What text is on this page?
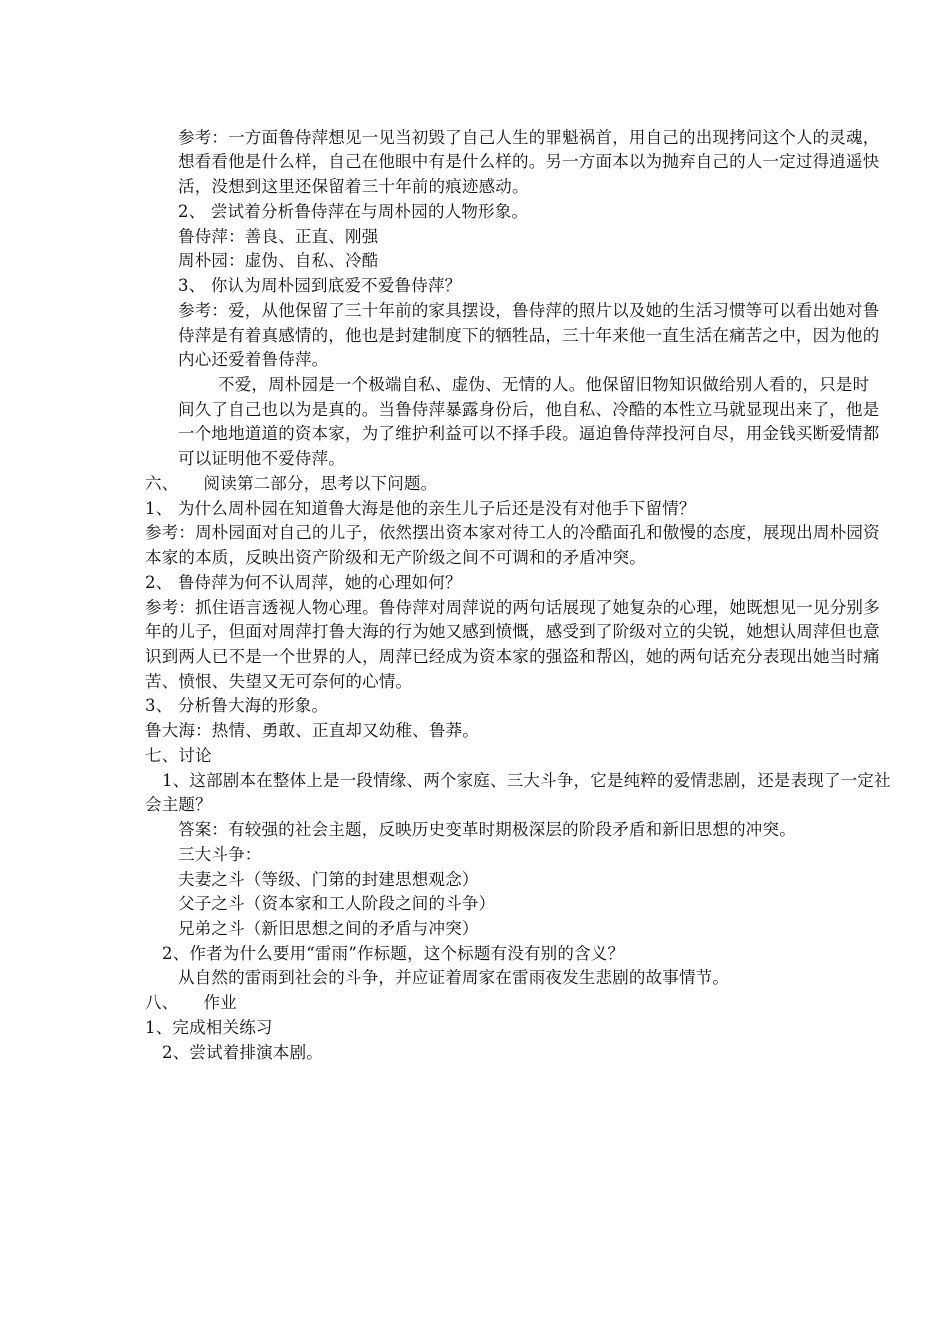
参考：一方面鲁侍萍想见一见当初毁了自己人生的罪魁祸首，用自己的出现拷问这个人的灵魂，
想看看他是什么样，自己在他眼中有是什么样的。另一方面本以为抛弃自己的人一定过得逍遥快
活，没想到这里还保留着三十年前的痕迹感动。
2、 尝试着分析鲁侍萍在与周朴园的人物形象。
鲁侍萍：善良、正直、刚强
周朴园：虚伪、自私、冷酷
3、 你认为周朴园到底爱不爱鲁侍萍？
参考：爱，从他保留了三十年前的家具摆设，鲁侍萍的照片以及她的生活习惯等可以看出她对鲁
侍萍是有着真感情的，他也是封建制度下的牺牲品，三十年来他一直生活在痛苦之中，因为他的
内心还爱着鲁侍萍。
不爱，周朴园是一个极端自私、虚伪、无情的人。他保留旧物知识做给别人看的，只是时
间久了自己也以为是真的。当鲁侍萍暴露身份后，他自私、冷酷的本性立马就显现出来了，他是
一个地地道道的资本家，为了维护利益可以不择手段。逼迫鲁侍萍投河自尽，用金钱买断爱情都
可以证明他不爱侍萍。
六、　　阅读第二部分，思考以下问题。
1、 为什么周朴园在知道鲁大海是他的亲生儿子后还是没有对他手下留情？
参考：周朴园面对自己的儿子，依然摆出资本家对待工人的冷酷面孔和傲慢的态度，展现出周朴园资
本家的本质，反映出资产阶级和无产阶级之间不可调和的矛盾冲突。
2、 鲁侍萍为何不认周萍，她的心理如何？
参考：抓住语言透视人物心理。鲁侍萍对周萍说的两句话展现了她复杂的心理，她既想见一见分别多
年的儿子，但面对周萍打鲁大海的行为她又感到愤慨，感受到了阶级对立的尖锐，她想认周萍但也意
识到两人已不是一个世界的人，周萍已经成为资本家的强盗和帮凶，她的两句话充分表现出她当时痛
苦、愤恨、失望又无可奈何的心情。
3、 分析鲁大海的形象。
鲁大海：热情、勇敢、正直却又幼稚、鲁莽。
七、讨论
1、这部剧本在整体上是一段情缘、两个家庭、三大斗争，它是纯粹的爱情悲剧，还是表现了一定社
会主题？
答案：有较强的社会主题，反映历史变革时期极深层的阶段矛盾和新旧思想的冲突。
三大斗争：
夫妻之斗（等级、门第的封建思想观念）
父子之斗（资本家和工人阶段之间的斗争）
兄弟之斗（新旧思想之间的矛盾与冲突）
2、作者为什么要用“雷雨”作标题，这个标题有没有别的含义？
从自然的雷雨到社会的斗争，并应证着周家在雷雨夜发生悲剧的故事情节。
八、　　作业
1、完成相关练习
2、尝试着排演本剧。
